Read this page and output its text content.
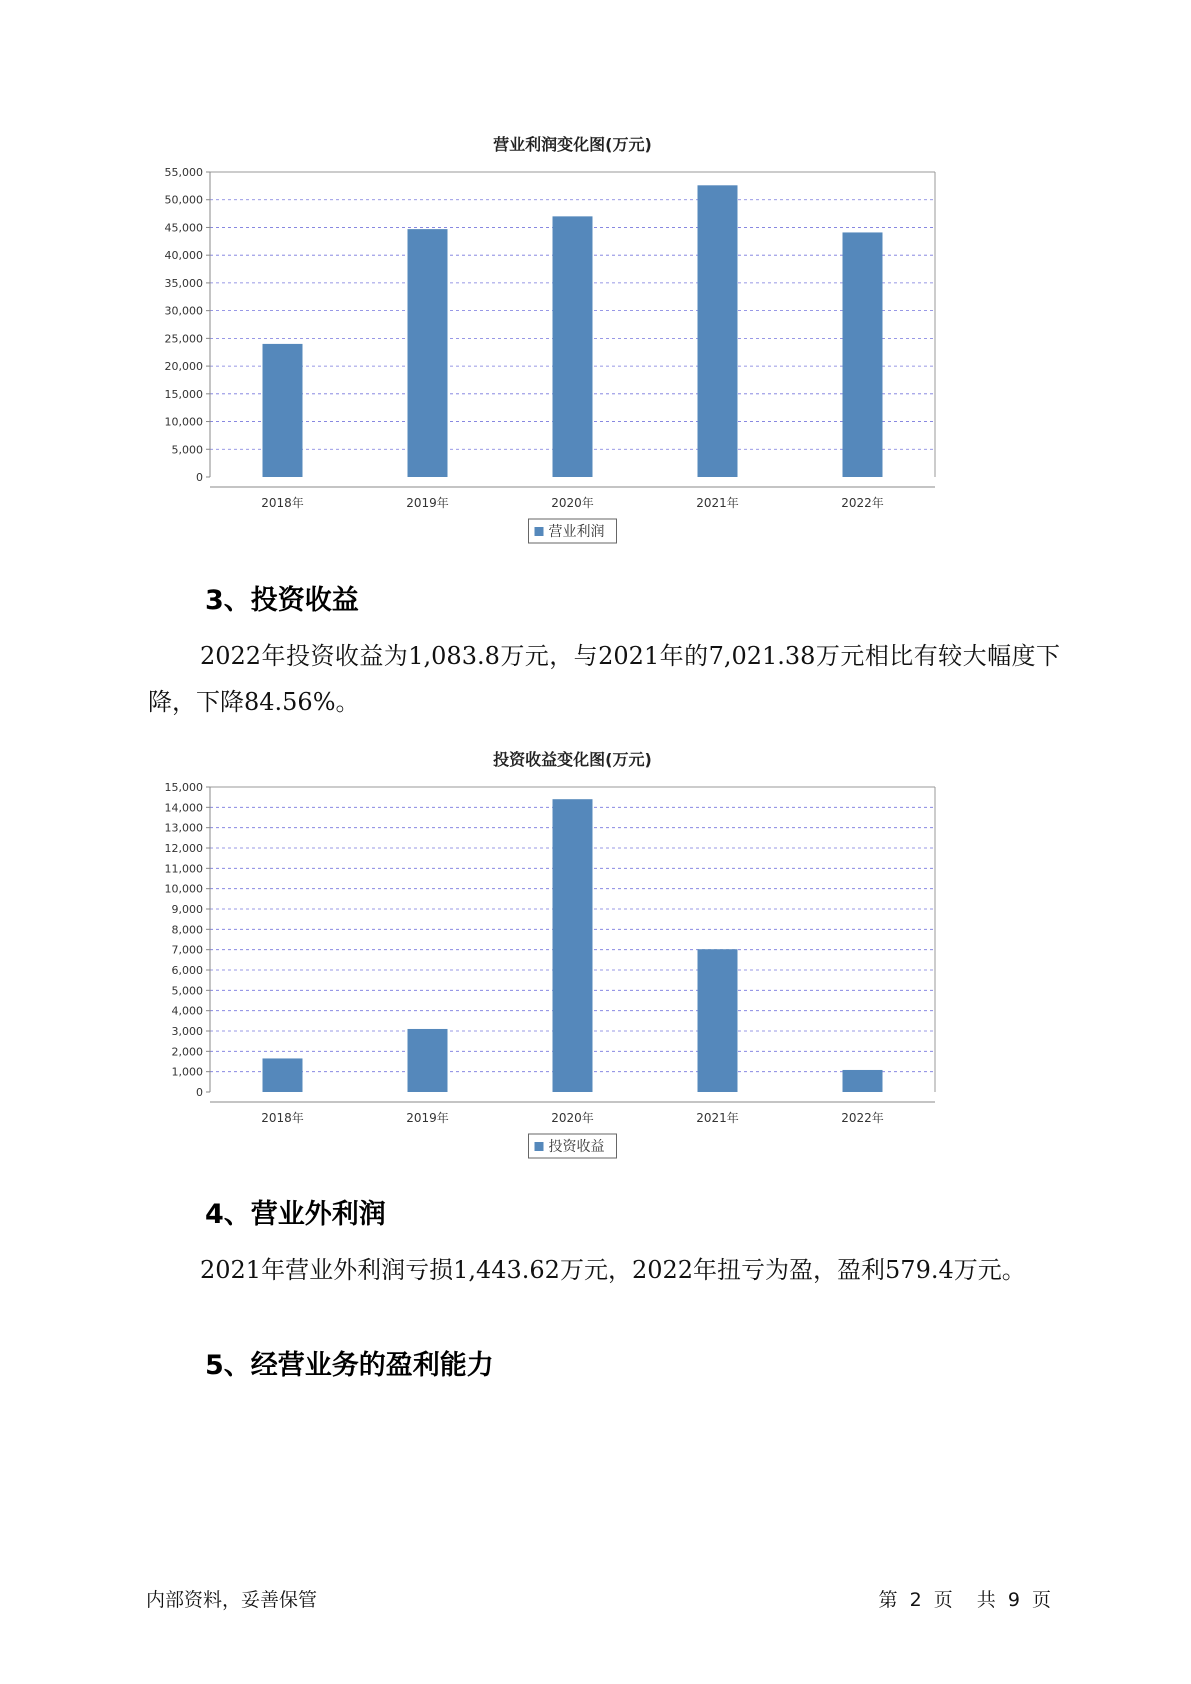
营业利润变化图(万元)
0
5,000
10,000
15,000
20,000
25,000
30,000
35,000
40,000
45,000
50,000
55,000
2018年	2019年	2020年	2021年	2022年
营业利润
3、投资收益

2022年投资收益为1,083.8万元，与2021年的7,021.38万元相比有较大幅度下降，下降84.56%。

投资收益变化图(万元)
0
1,000
2,000
3,000
4,000
5,000
6,000
7,000
8,000
9,000
10,000
11,000
12,000
13,000
14,000
15,000
2018年	2019年	2020年	2021年	2022年
投资收益
4、营业外利润

2021年营业外利润亏损1,443.62万元，2022年扭亏为盈，盈利579.4万元。

5、经营业务的盈利能力

内部资料，妥善保管	第 2 页 共 9 页
